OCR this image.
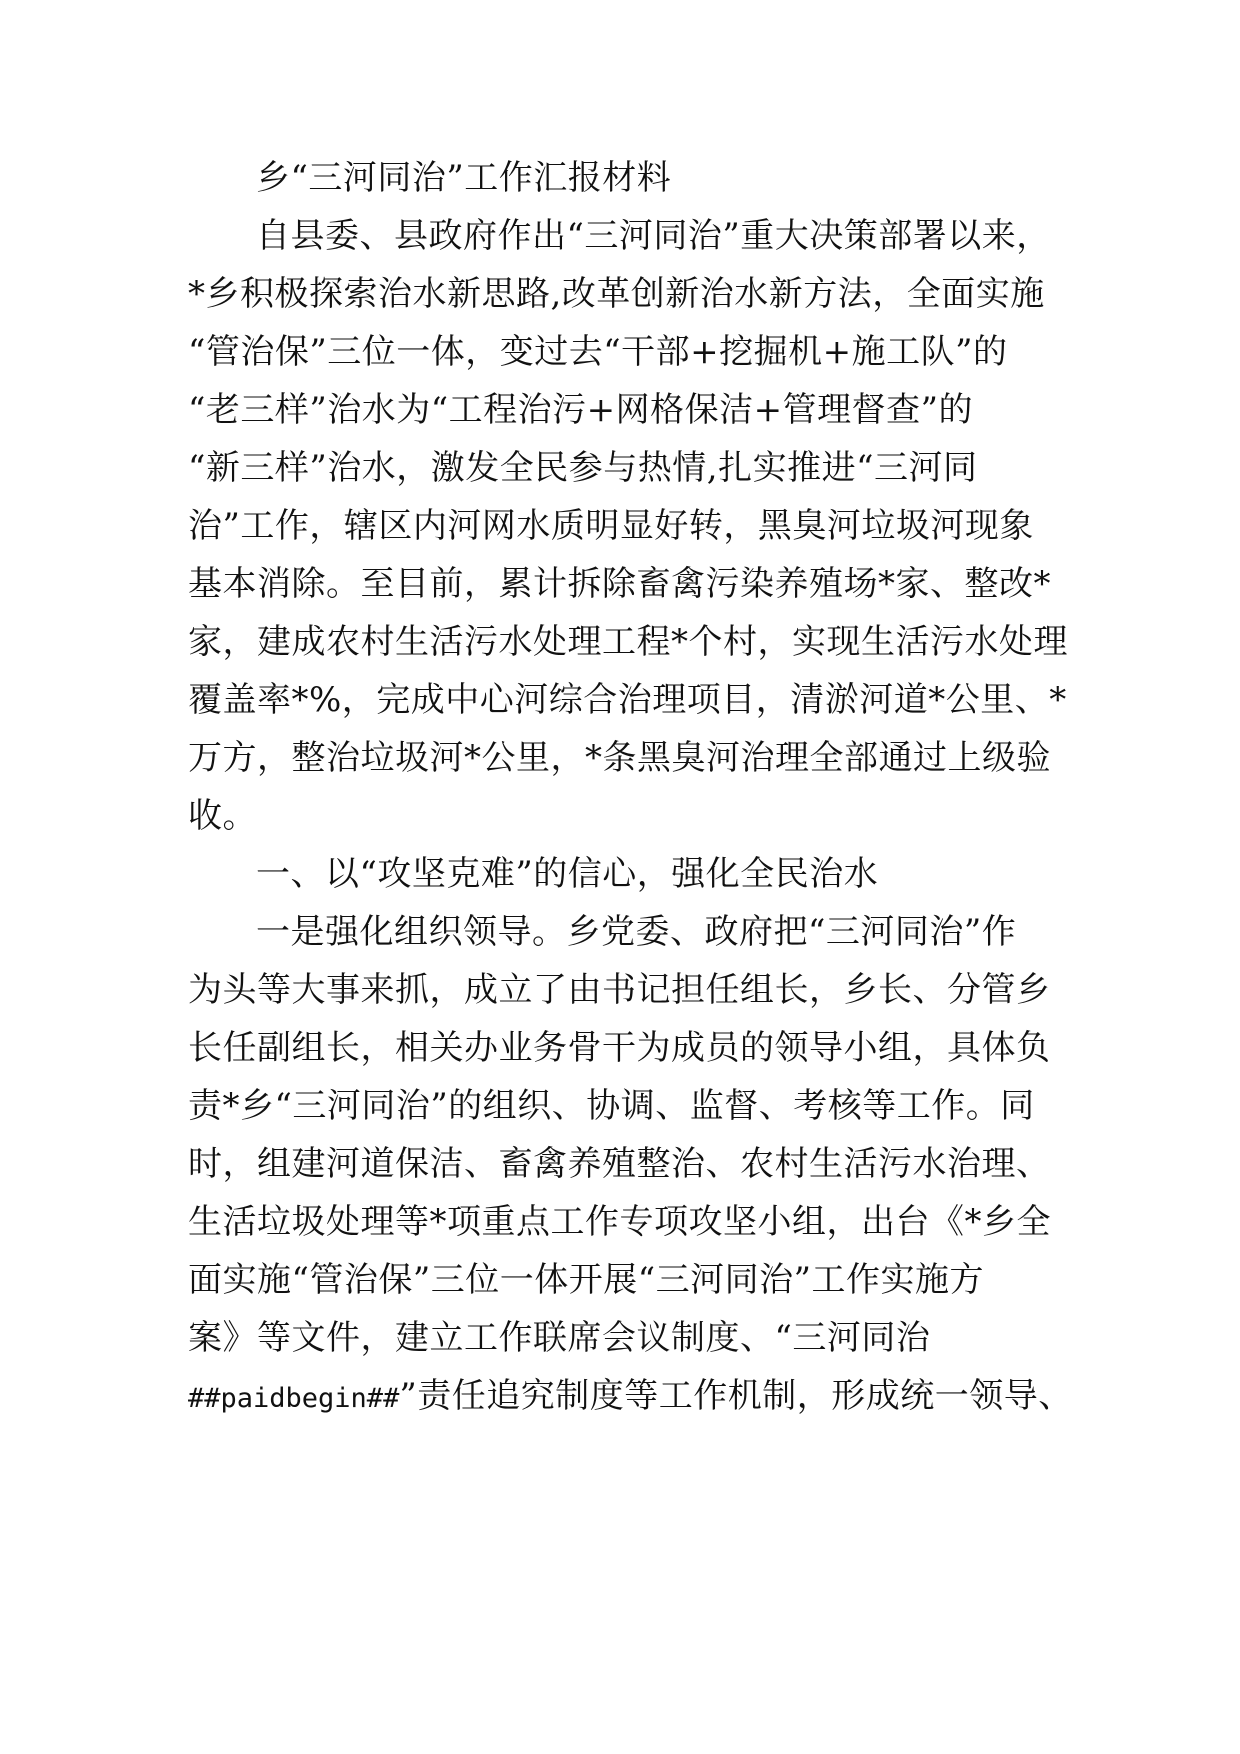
乡“三河同治”工作汇报材料
自县委、县政府作出“三河同治”重大决策部署以来，
*乡积极探索治水新思路,改革创新治水新方法，全面实施
“管治保”三位一体，变过去“干部+挖掘机+施工队”的
“老三样”治水为“工程治污+网格保洁+管理督查”的
“新三样”治水，激发全民参与热情,扎实推进“三河同
治”工作，辖区内河网水质明显好转，黑臭河垃圾河现象
基本消除。至目前，累计拆除畜禽污染养殖场*家、整改*
家，建成农村生活污水处理工程*个村，实现生活污水处理
覆盖率*%，完成中心河综合治理项目，清淤河道*公里、*
万方，整治垃圾河*公里，*条黑臭河治理全部通过上级验
收。
一、以“攻坚克难”的信心，强化全民治水
一是强化组织领导。乡党委、政府把“三河同治”作
为头等大事来抓，成立了由书记担任组长，乡长、分管乡
长任副组长，相关办业务骨干为成员的领导小组，具体负
责*乡“三河同治”的组织、协调、监督、考核等工作。同
时，组建河道保洁、畜禽养殖整治、农村生活污水治理、
生活垃圾处理等*项重点工作专项攻坚小组，出台《*乡全
面实施“管治保”三位一体开展“三河同治”工作实施方
案》等文件，建立工作联席会议制度、“三河同治
##paidbegin##”责任追究制度等工作机制，形成统一领导、
